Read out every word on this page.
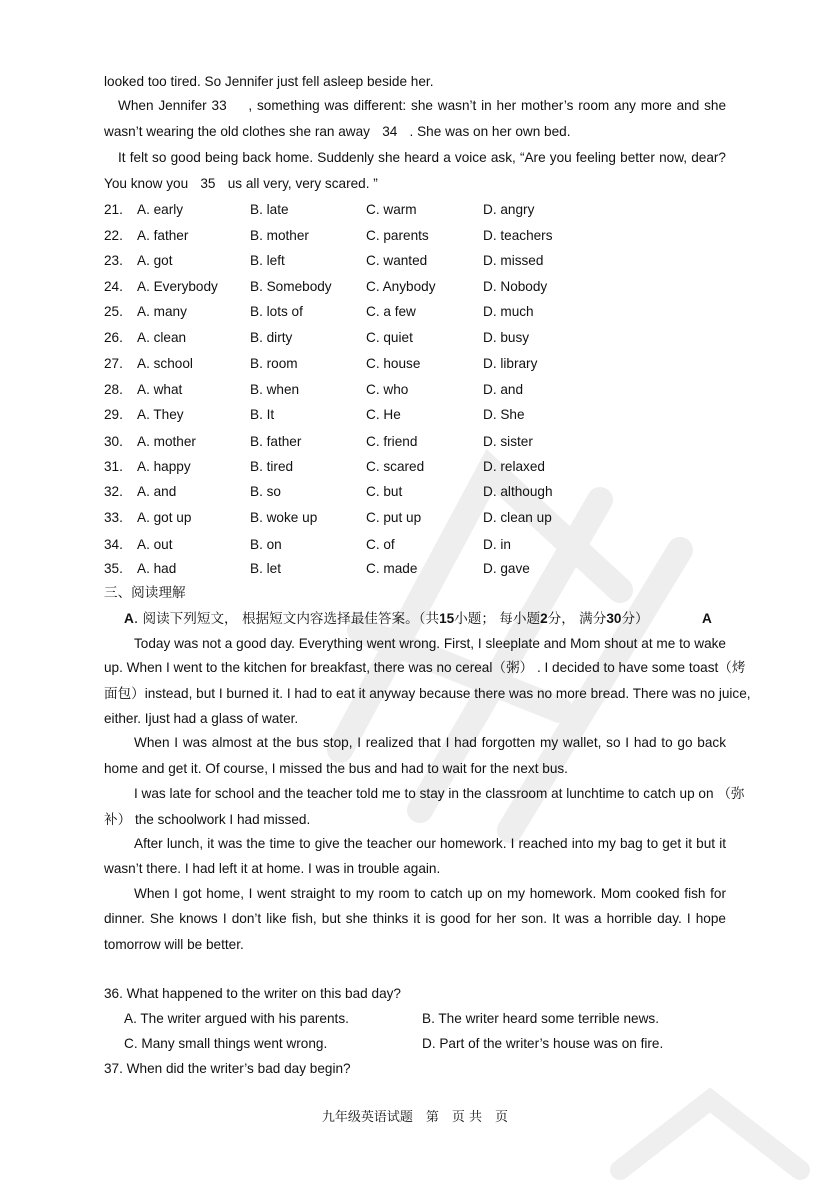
looked too tired. So Jennifer just fell asleep beside her.
When Jennifer 33 , something was different: she wasn’t in her mother’s room any more and she
wasn’t wearing the old clothes she ran away 34 . She was on her own bed.
It felt so good being back home. Suddenly she heard a voice ask, “Are you feeling better now, dear?
You know you 35 us all very, very scared. ”
21. A. early	B. late	C. warm	D. angry
22. A. father	B. mother	C. parents	D. teachers
23. A. got	B. left	C. wanted	D. missed
24. A. Everybody B. Somebody	C. Anybody	D. Nobody
25. A. many	B. lots of	C. a few	D. much
26. A. clean	B. dirty	C. quiet	D. busy
27. A. school	B. room	C. house	D. library
28. A. what	B. when	C. who	D. and
29. A. They	B. It	C. He	D. She
30. A. mother	B. father	C. friend	D. sister
31. A. happy	B. tired	C. scared	D. relaxed
32. A. and	B. so	C. but	D. although
33. A. got up	B. woke up	C. put up	D. clean up
34. A. out	B. on	C. of	D. in
35. A. had	B. let	C. made	D. gave
三、阅读理解
A. 阅读下列短文， 根据短文内容选择最佳答案。（共15小题； 每小题2分， 满分30分）	A
Today was not a good day. Everything went wrong. First, I sleeplate and Mom shout at me to wake
up. When I went to the kitchen for breakfast, there was no cereal（粥） . I decided to have some toast（烤
面包）instead, but I burned it. I had to eat it anyway because there was no more bread. There was no juice,
either. Ijust had a glass of water.
When I was almost at the bus stop, I realized that I had forgotten my wallet, so I had to go back
home and get it. Of course, I missed the bus and had to wait for the next bus.
I was late for school and the teacher told me to stay in the classroom at lunchtime to catch up on （弥
补） the schoolwork I had missed.
After lunch, it was the time to give the teacher our homework. I reached into my bag to get it but it
wasn’t there. I had left it at home. I was in trouble again.
When I got home, I went straight to my room to catch up on my homework. Mom cooked fish for
dinner. She knows I don’t like fish, but she thinks it is good for her son. It was a horrible day. I hope
tomorrow will be better.
36. What happened to the writer on this bad day?
A. The writer argued with his parents.	B. The writer heard some terrible news.
C. Many small things went wrong.	D. Part of the writer’s house was on fire.
37. When did the writer’s bad day begin?
九年级英语试题　第　页 共　页
